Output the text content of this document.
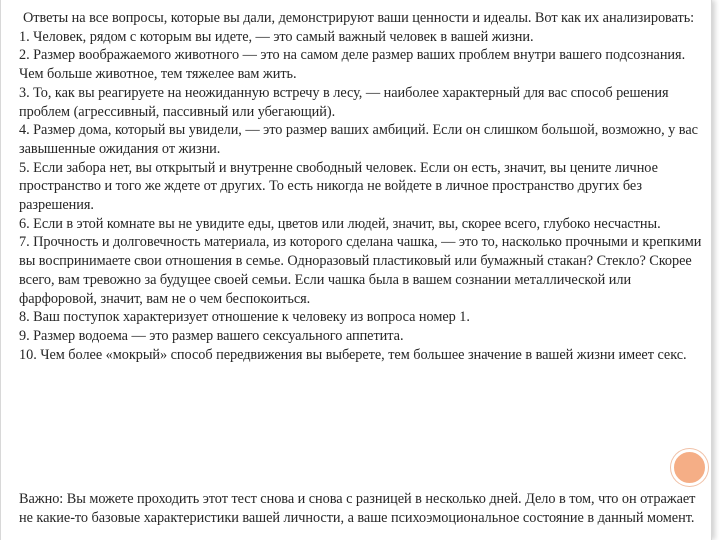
Ответы на все вопросы, которые вы дали, демонстрируют ваши ценности и идеалы. Вот как их анализировать:

1. Человек, рядом с которым вы идете, — это самый важный человек в вашей жизни.

2. Размер воображаемого животного — это на самом деле размер ваших проблем внутри вашего подсознания. Чем больше животное, тем тяжелее вам жить.

3. То, как вы реагируете на неожиданную встречу в лесу, — наиболее характерный для вас способ решения проблем (агрессивный, пассивный или убегающий).

4. Размер дома, который вы увидели, — это размер ваших амбиций. Если он слишком большой, возможно, у вас завышенные ожидания от жизни.

5. Если забора нет, вы открытый и внутренне свободный человек. Если он есть, значит, вы цените личное пространство и того же ждете от других. То есть никогда не войдете в личное пространство других без разрешения.

6. Если в этой комнате вы не увидите еды, цветов или людей, значит, вы, скорее всего, глубоко несчастны.

7. Прочность и долговечность материала, из которого сделана чашка, — это то, насколько прочными и крепкими вы воспринимаете свои отношения в семье. Одноразовый пластиковый или бумажный стакан? Стекло? Скорее всего, вам тревожно за будущее своей семьи. Если чашка была в вашем сознании металлической или фарфоровой, значит, вам не о чем беспокоиться.

8. Ваш поступок характеризует отношение к человеку из вопроса номер 1.

9. Размер водоема — это размер вашего сексуального аппетита.

10. Чем более «мокрый» способ передвижения вы выберете, тем большее значение в вашей жизни имеет секс.

Важно: Вы можете проходить этот тест снова и снова с разницей в несколько дней. Дело в том, что он отражает не какие-то базовые характеристики вашей личности, а ваше психоэмоциональное состояние в данный момент.
